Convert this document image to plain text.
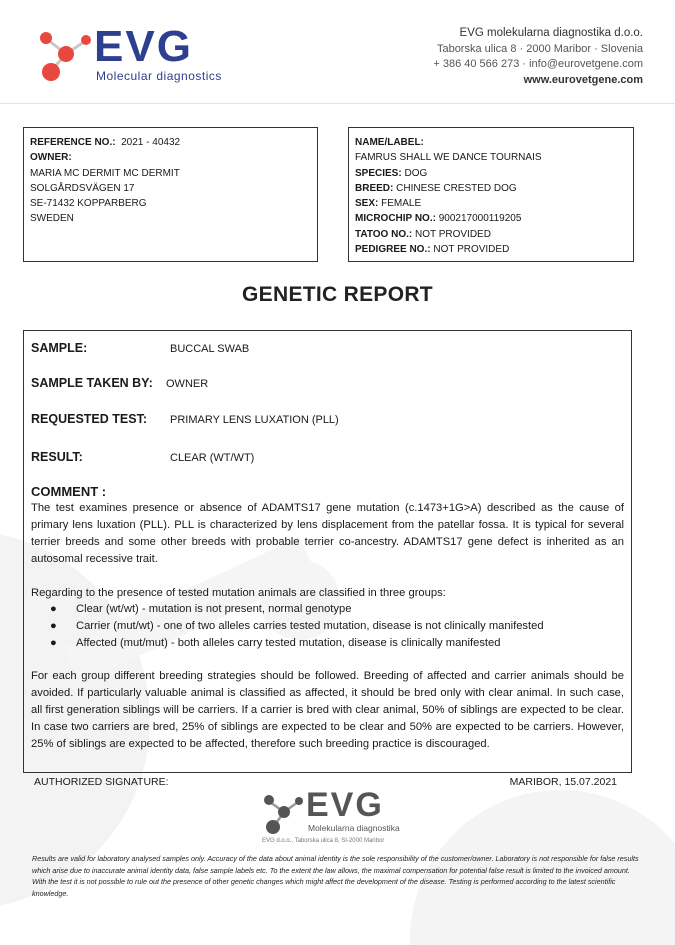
EVG
Molecular diagnostics
EVG molekularna diagnostika d.o.o.
Taborska ulica 8 · 2000 Maribor · Slovenia
+ 386 40 566 273 · info@eurovetgene.com
www.eurovetgene.com
REFERENCE NO.: 2021 - 40432
OWNER:
MARIA MC DERMIT MC DERMIT
SOLGÅRDSVÄGEN 17
SE-71432 KOPPARBERG
SWEDEN
NAME/LABEL:
FAMRUS SHALL WE DANCE TOURNAIS
SPECIES: DOG
BREED: CHINESE CRESTED DOG
SEX: FEMALE
MICROCHIP NO.: 900217000119205
TATOO NO.: NOT PROVIDED
PEDIGREE NO.: NOT PROVIDED
GENETIC REPORT
SAMPLE:	BUCCAL SWAB
SAMPLE TAKEN BY: OWNER
REQUESTED TEST: PRIMARY LENS LUXATION (PLL)
RESULT:	CLEAR (WT/WT)
COMMENT :
The test examines presence or absence of ADAMTS17 gene mutation (c.1473+1G>A) described as the cause of primary lens luxation (PLL). PLL is characterized by lens displacement from the patellar fossa. It is typical for several terrier breeds and some other breeds with probable terrier co-ancestry. ADAMTS17 gene defect is inherited as an autosomal recessive trait.
Regarding to the presence of tested mutation animals are classified in three groups:
● Clear (wt/wt) - mutation is not present, normal genotype
● Carrier (mut/wt) - one of two alleles carries tested mutation, disease is not clinically manifested
● Affected (mut/mut) - both alleles carry tested mutation, disease is clinically manifested
For each group different breeding strategies should be followed. Breeding of affected and carrier animals should be avoided. If particularly valuable animal is classified as affected, it should be bred only with clear animal. In such case, all first generation siblings will be carriers. If a carrier is bred with clear animal, 50% of siblings are expected to be clear. In case two carriers are bred, 25% of siblings are expected to be clear and 50% are expected to be carriers. However, 25% of siblings are expected to be affected, therefore such breeding practice is discouraged.
AUTHORIZED SIGNATURE:	MARIBOR, 15.07.2021
EVG
Molekularna diagnostika
EVG d.o.o., Taborska ulica 8, SI-2000 Maribor
Results are valid for laboratory analysed samples only. Accuracy of the data about animal identity is the sole responsibility of the customer/owner. Laboratory is not responsible for false results which arise due to inaccurate animal identity data, false sample labels etc. To the extent the law allows, the maximal compensation for potential false result is limited to the invoiced amount. With the test it is not possible to rule out the presence of other genetic changes which might affect the development of the disease. Testing is performed according to the latest scientific knowledge.
